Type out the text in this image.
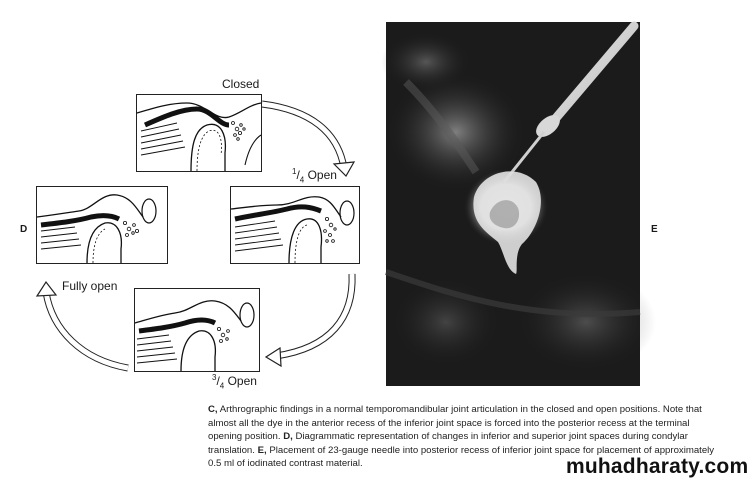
Closed
$^1/_4$ Open
Fully open
$^3/_4$ Open
D	E
C, Arthrographic findings in a normal temporomandibular joint articulation in the closed and open positions. Note that almost all the dye in the anterior recess of the inferior joint space is forced into the posterior recess at the terminal opening position. D, Diagrammatic representation of changes in inferior and superior joint spaces during condylar translation. E, Placement of 23-gauge needle into posterior recess of inferior joint space for placement of approximately 0.5 ml of iodinated contrast material.	muhadharaty.com
